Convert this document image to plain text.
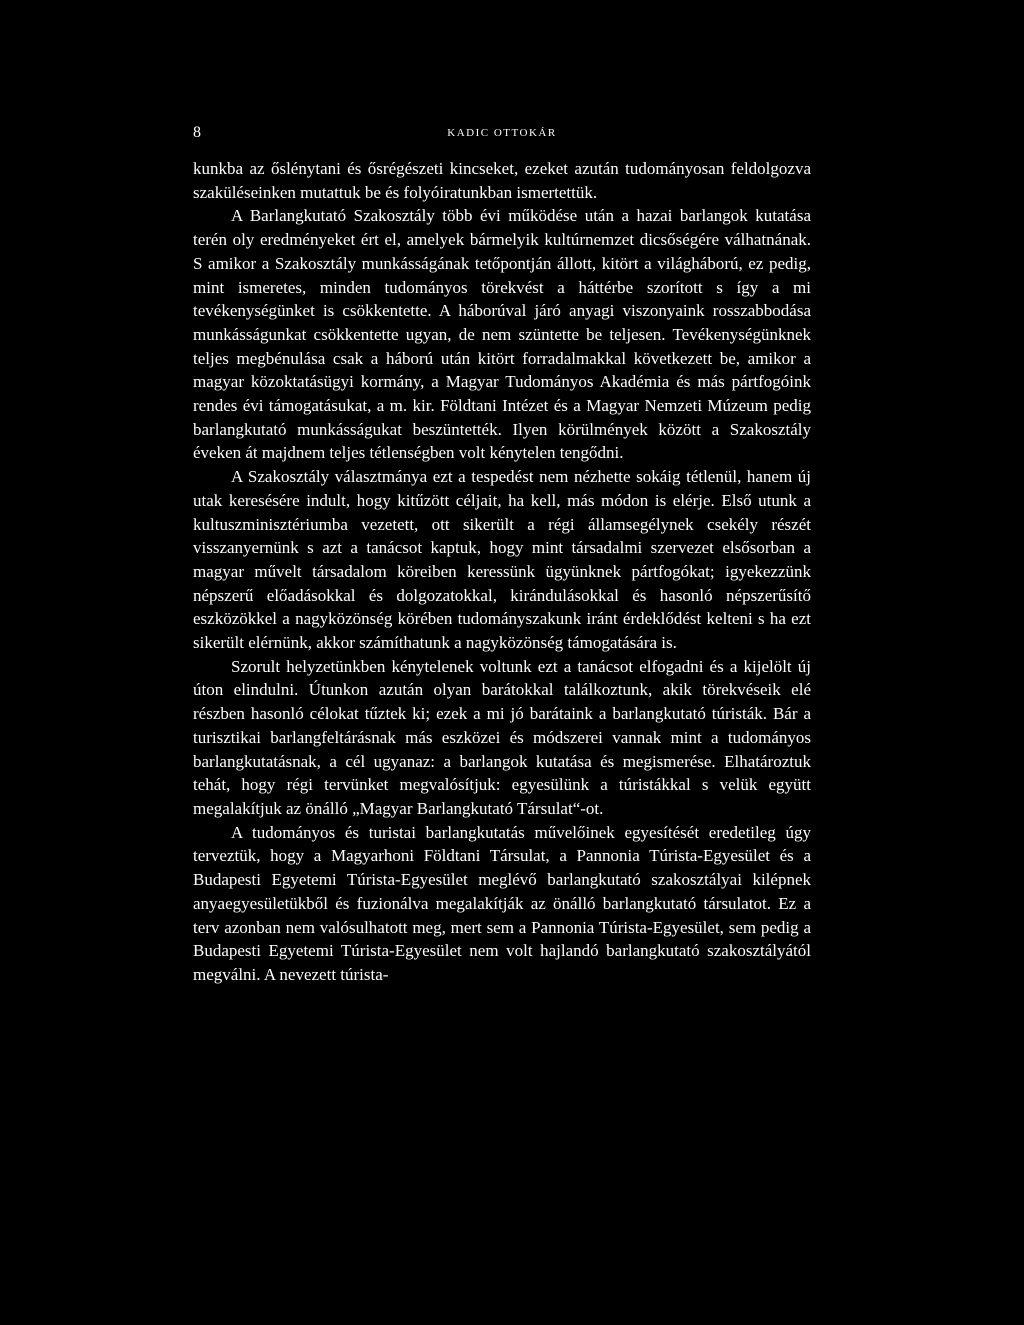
8	KADIC OTTOKÁR

kunkba az őslénytani és ősrégészeti kincseket, ezeket azután tudományosan feldolgozva szaküléseinken mutattuk be és folyóiratunkban ismertettük.

A Barlangkutató Szakosztály több évi működése után a hazai barlangok kutatása terén oly eredményeket ért el, amelyek bármelyik kultúrnemzet dicsőségére válhatnának. S amikor a Szakosztály munkásságának tetőpontján állott, kitört a világháború, ez pedig, mint ismeretes, minden tudományos törekvést a háttérbe szorított s így a mi tevékenységünket is csökkentette. A háborúval járó anyagi viszonyaink rosszabbodása munkásságunkat csökkentette ugyan, de nem szüntette be teljesen. Tevékenységünknek teljes megbénulása csak a háború után kitört forradalmakkal következett be, amikor a magyar közoktatásügyi kormány, a Magyar Tudományos Akadémia és más pártfogóink rendes évi támogatásukat, a m. kir. Földtani Intézet és a Magyar Nemzeti Múzeum pedig barlangkutató munkásságukat beszüntették. Ilyen körülmények között a Szakosztály éveken át majdnem teljes tétlenségben volt kénytelen tengődni.

A Szakosztály választmánya ezt a tespedést nem nézhette sokáig tétlenül, hanem új utak keresésére indult, hogy kitűzött céljait, ha kell, más módon is elérje. Első utunk a kultuszminisztériumba vezetett, ott sikerült a régi államsegélynek csekély részét visszanyernünk s azt a tanácsot kaptuk, hogy mint társadalmi szervezet elsősorban a magyar művelt társadalom köreiben keressünk ügyünknek pártfogókat; igyekezzünk népszerű előadásokkal és dolgozatokkal, kirándulásokkal és hasonló népszerűsítő eszközökkel a nagyközönség körében tudományszakunk iránt érdeklődést kelteni s ha ezt sikerült elérnünk, akkor számíthatunk a nagyközönség támogatására is.

Szorult helyzetünkben kénytelenek voltunk ezt a tanácsot elfogadni és a kijelölt új úton elindulni. Útunkon azután olyan barátokkal találkoztunk, akik törekvéseik elé részben hasonló célokat tűztek ki; ezek a mi jó barátaink a barlangkutató túristák. Bár a turisztikai barlangfeltárásnak más eszközei és módszerei vannak mint a tudományos barlangkutatásnak, a cél ugyanaz: a barlangok kutatása és megismerése. Elhatároztuk tehát, hogy régi tervünket megvalósítjuk: egyesülünk a túristákkal s velük együtt megalakítjuk az önálló „Magyar Barlangkutató Társulat“-ot.

A tudományos és turistai barlangkutatás művelőinek egyesítését eredetileg úgy terveztük, hogy a Magyarhoni Földtani Társulat, a Pannonia Túrista-Egyesület és a Budapesti Egyetemi Túrista-Egyesület meglévő barlangkutató szakosztályai kilépnek anyaegyesületükből és fuzionálva megalakítják az önálló barlangkutató társulatot. Ez a terv azonban nem valósulhatott meg, mert sem a Pannonia Túrista-Egyesület, sem pedig a Budapesti Egyetemi Túrista-Egyesület nem volt hajlandó barlangkutató szakosztályától megválni. A nevezett túrista-
